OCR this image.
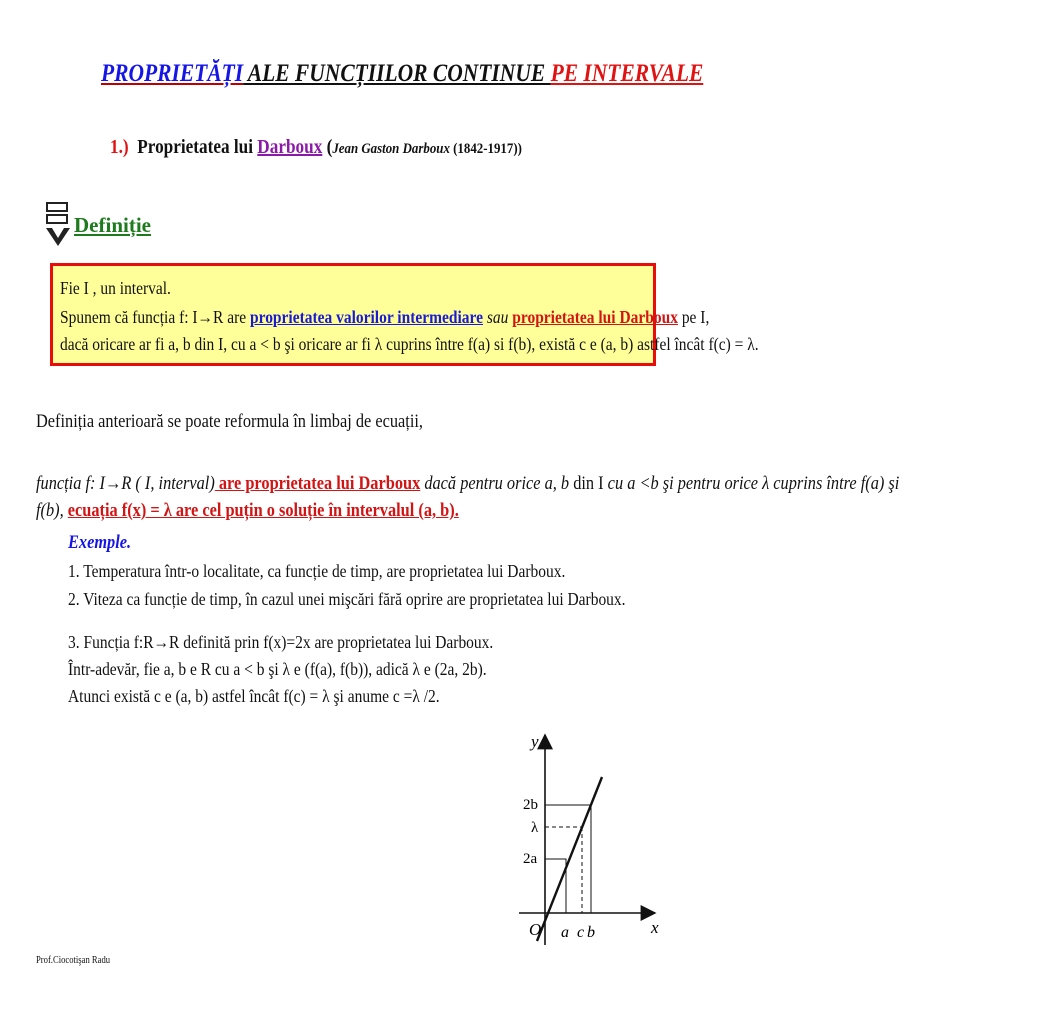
PROPRIETĂȚI ALE FUNCȚIILOR CONTINUE PE INTERVALE
1.) Proprietatea lui Darboux (Jean Gaston Darboux (1842-1917))
Definiție
Fie I , un interval.
Spunem că funcția f: I→R are proprietatea valorilor intermediare sau proprietatea lui Darboux pe I,
dacă oricare ar fi a, b din I, cu a < b şi oricare ar fi λ cuprins între f(a) si f(b), există c e (a, b) astfel încât f(c) = λ.
Definiția anterioară se poate reformula în limbaj de ecuații,
funcția f: I→R ( I, interval) are proprietatea lui Darboux dacă pentru orice a, b din I cu a <b şi pentru orice λ cuprins între f(a) şi
f(b), ecuația f(x) = λ are cel puțin o soluție în intervalul (a, b).
Exemple.
1. Temperatura într-o localitate, ca funcție de timp, are proprietatea lui Darboux.
2. Viteza ca funcție de timp, în cazul unei mişcări fără oprire are proprietatea lui Darboux.
3. Funcția f:R→R definită prin f(x)=2x are proprietatea lui Darboux.
Într-adevăr, fie a, b e R cu a < b şi λ e (f(a), f(b)), adică λ e (2a, 2b).
Atunci există c e (a, b) astfel încât f(c) = λ şi anume c =λ /2.
y
x
2b
λ
2a
O a c b
Prof.Ciocotişan Radu
